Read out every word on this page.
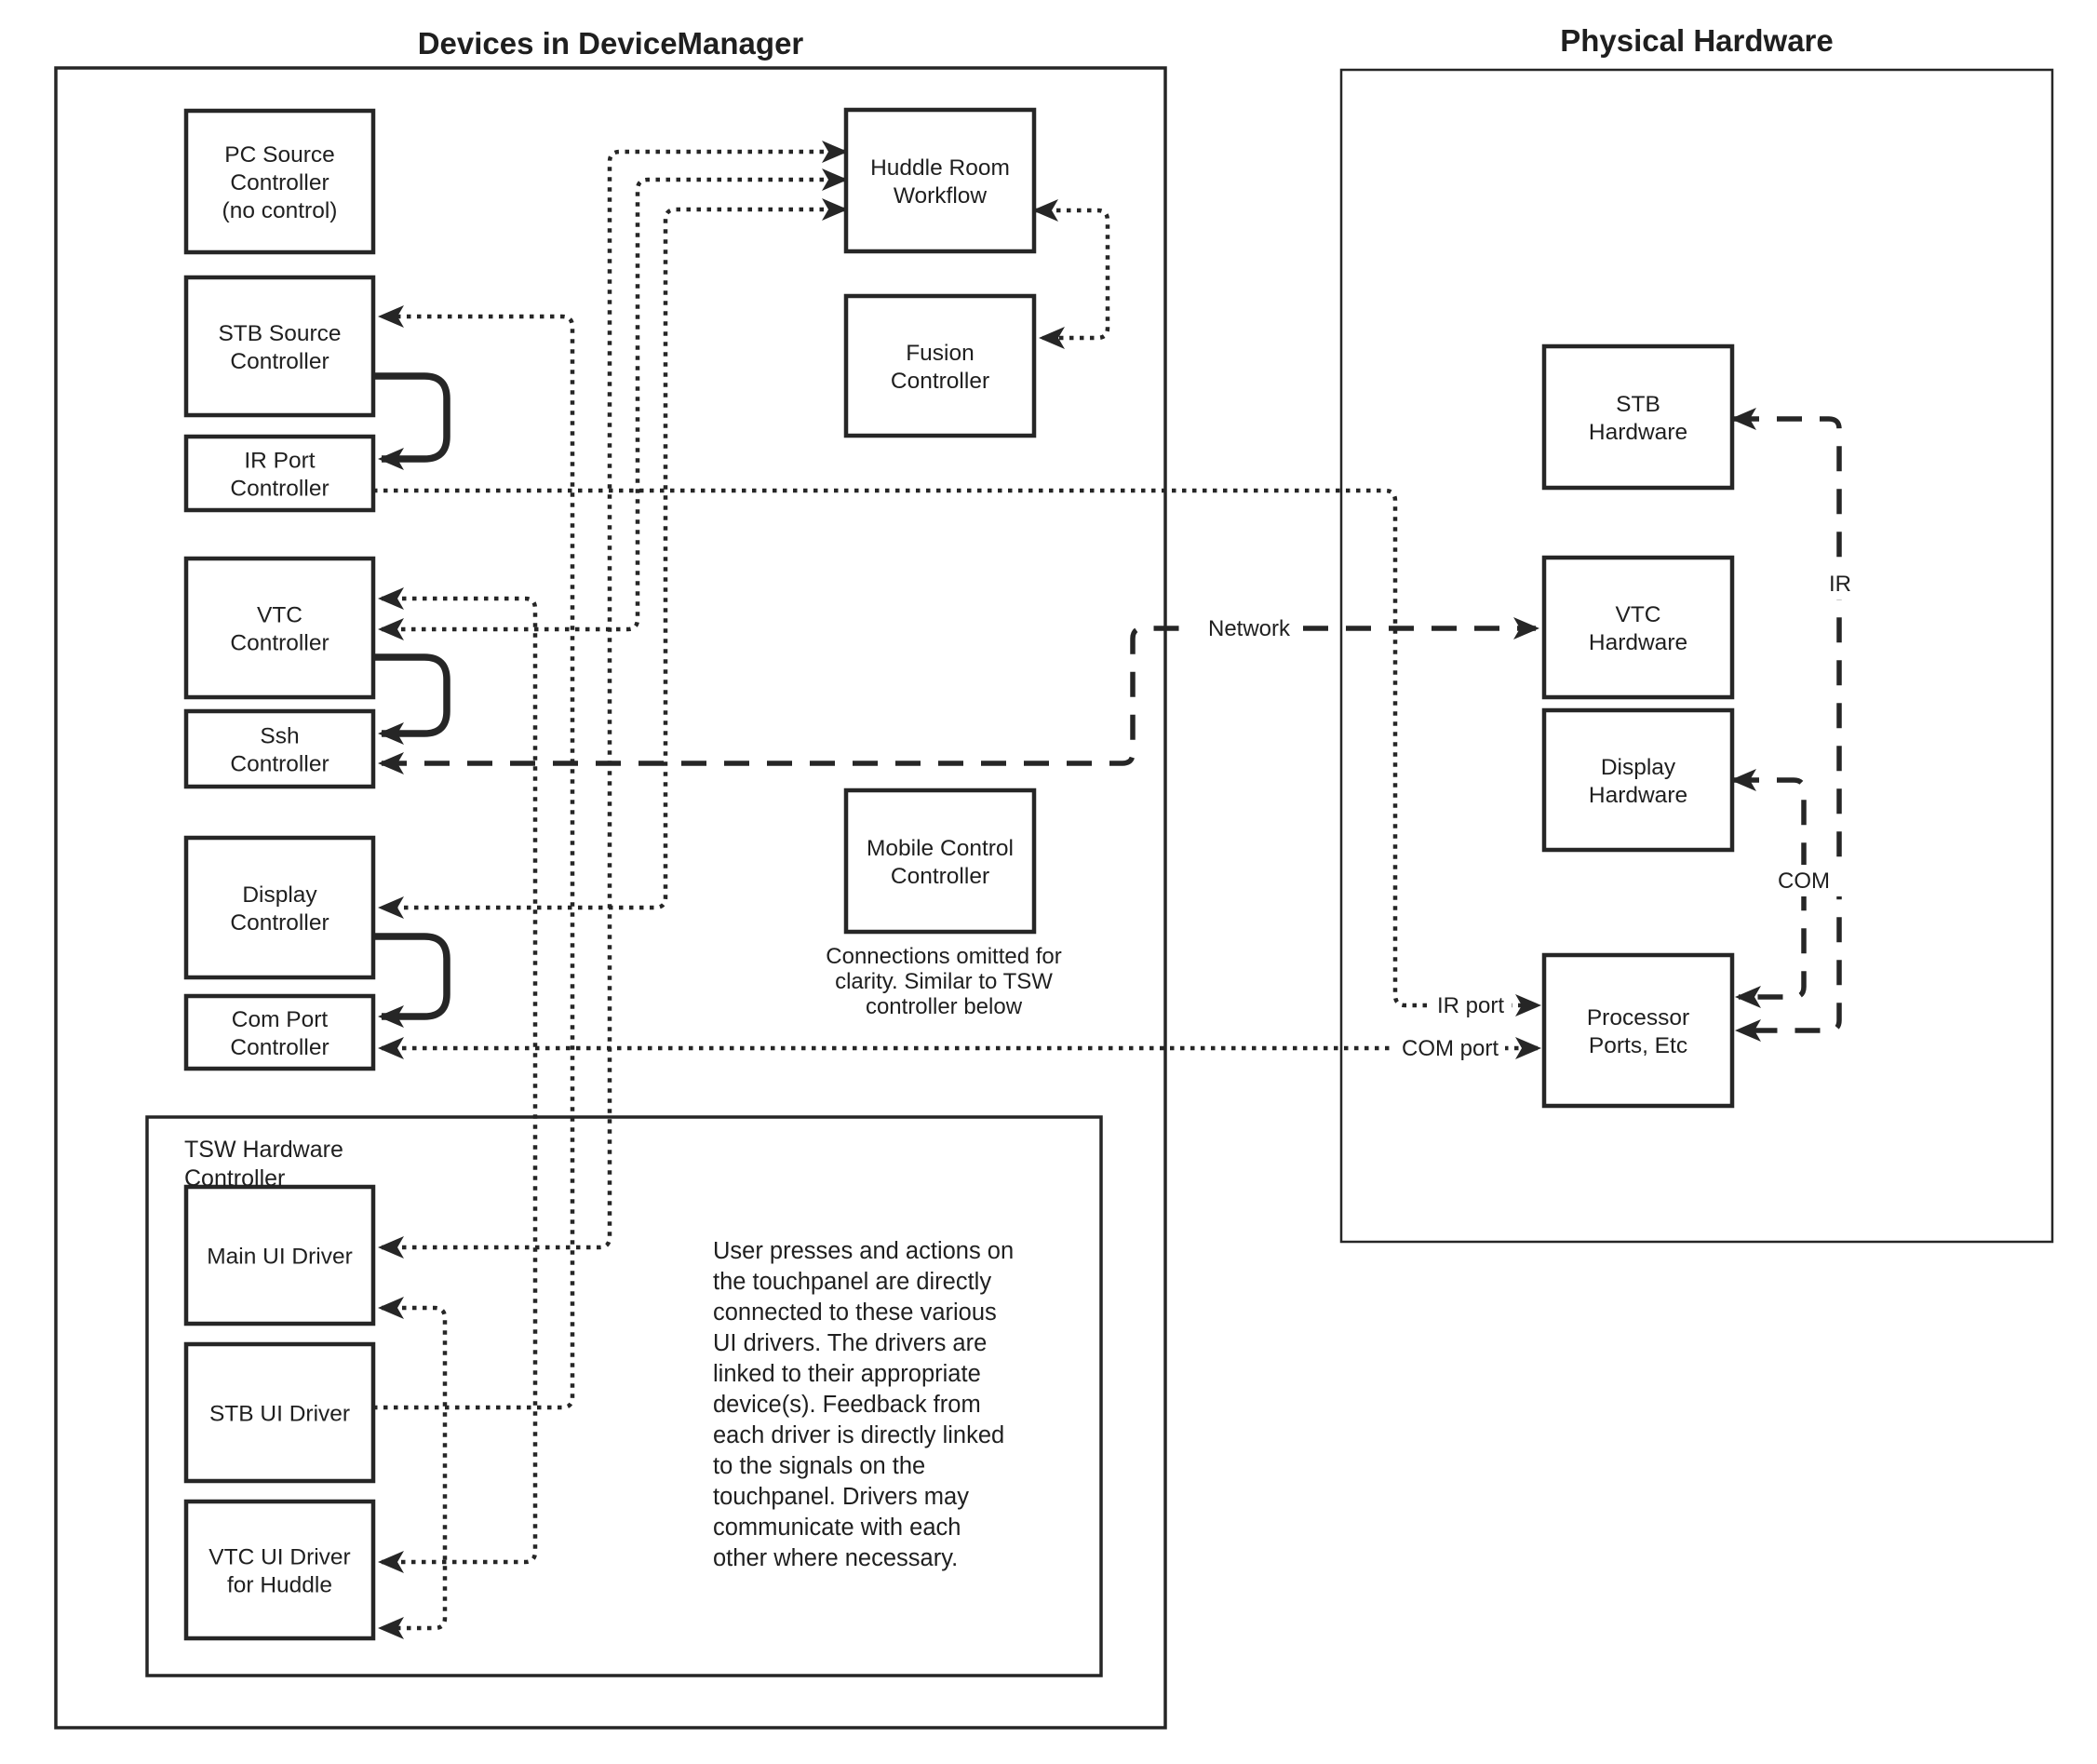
Devices in DeviceManager	Physical Hardware
IR port
COM port
Network
IR
COM
PC Source Controller (no control)
STB Source Controller
IR Port Controller
VTC Controller
Ssh Controller
Display Controller
Com Port Controller
Main UI Driver
STB UI Driver
VTC UI Driver for Huddle
Huddle Room Workflow
Fusion Controller
Mobile Control Controller
STB Hardware
VTC Hardware
Display Hardware
Processor Ports, Etc
TSW Hardware Controller
Connections omitted for clarity. Similar to TSW controller below
User presses and actions on the touchpanel are directly connected to these various UI drivers. The drivers are linked to their appropriate device(s). Feedback from each driver is directly linked to the signals on the touchpanel. Drivers may communicate with each other where necessary.
